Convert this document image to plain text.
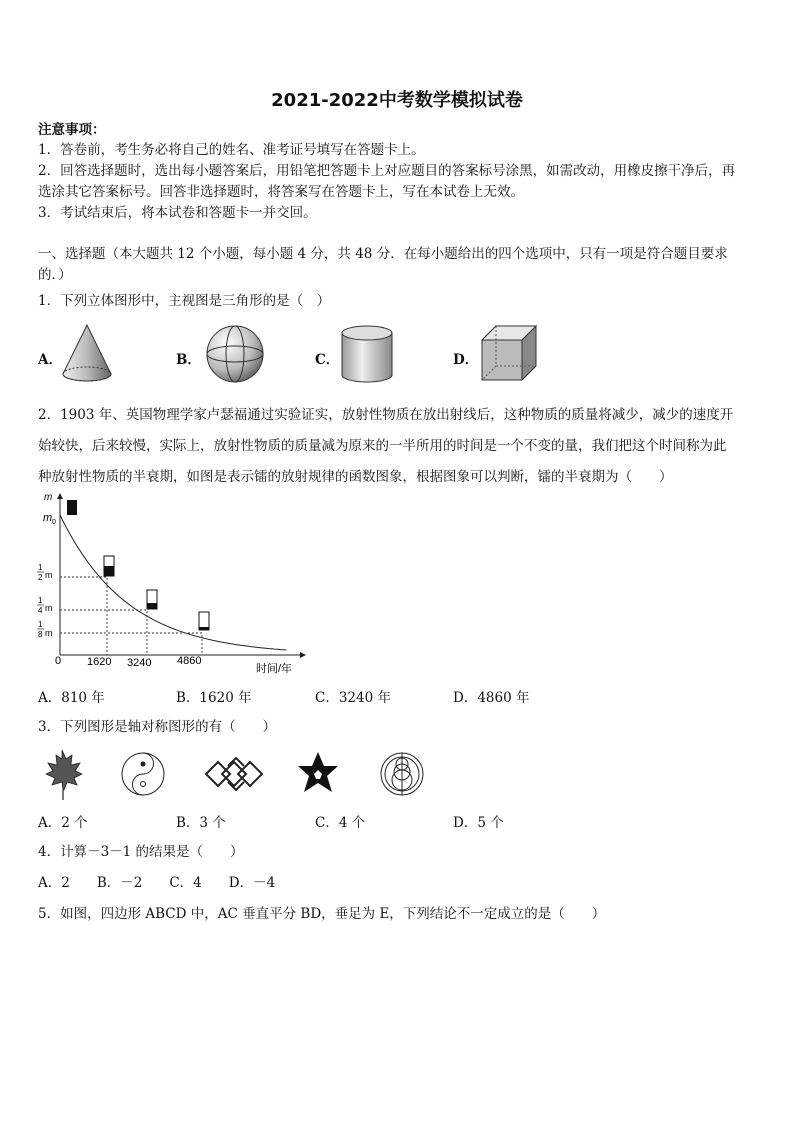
2021-2022中考数学模拟试卷
注意事项：
1．答卷前，考生务必将自己的姓名、准考证号填写在答题卡上。
2．回答选择题时，选出每小题答案后，用铅笔把答题卡上对应题目的答案标号涂黑，如需改动，用橡皮擦干净后，再
选涂其它答案标号。回答非选择题时，将答案写在答题卡上，写在本试卷上无效。
3．考试结束后，将本试卷和答题卡一并交回。
一、选择题（本大题共 12 个小题，每小题 4 分，共 48 分．在每小题给出的四个选项中，只有一项是符合题目要求
的．）
1．下列立体图形中，主视图是三角形的是（　）
A．	B．	C．	D．
2．1903 年、英国物理学家卢瑟福通过实验证实，放射性物质在放出射线后，这种物质的质量将减少，减少的速度开
始较快，后来较慢，实际上，放射性物质的质量减为原来的一半所用的时间是一个不变的量，我们把这个时间称为此
种放射性物质的半衰期，如图是表示镭的放射规律的函数图象，根据图象可以判断，镭的半衰期为（　　）
m
m 0
1
2 m
1
4 m
1
8 m
0 1620 3240 4860
时间/年
A．810 年	B．1620 年	C．3240 年	D．4860 年
3．下列图形是轴对称图形的有（　　）
A．2 个	B．3 个	C．4 个	D．5 个
4．计算－3－1 的结果是（　　）
A．2　　B．－2　　C．4　　D．－4
5．如图，四边形 ABCD 中，AC 垂直平分 BD，垂足为 E，下列结论不一定成立的是（　　）
